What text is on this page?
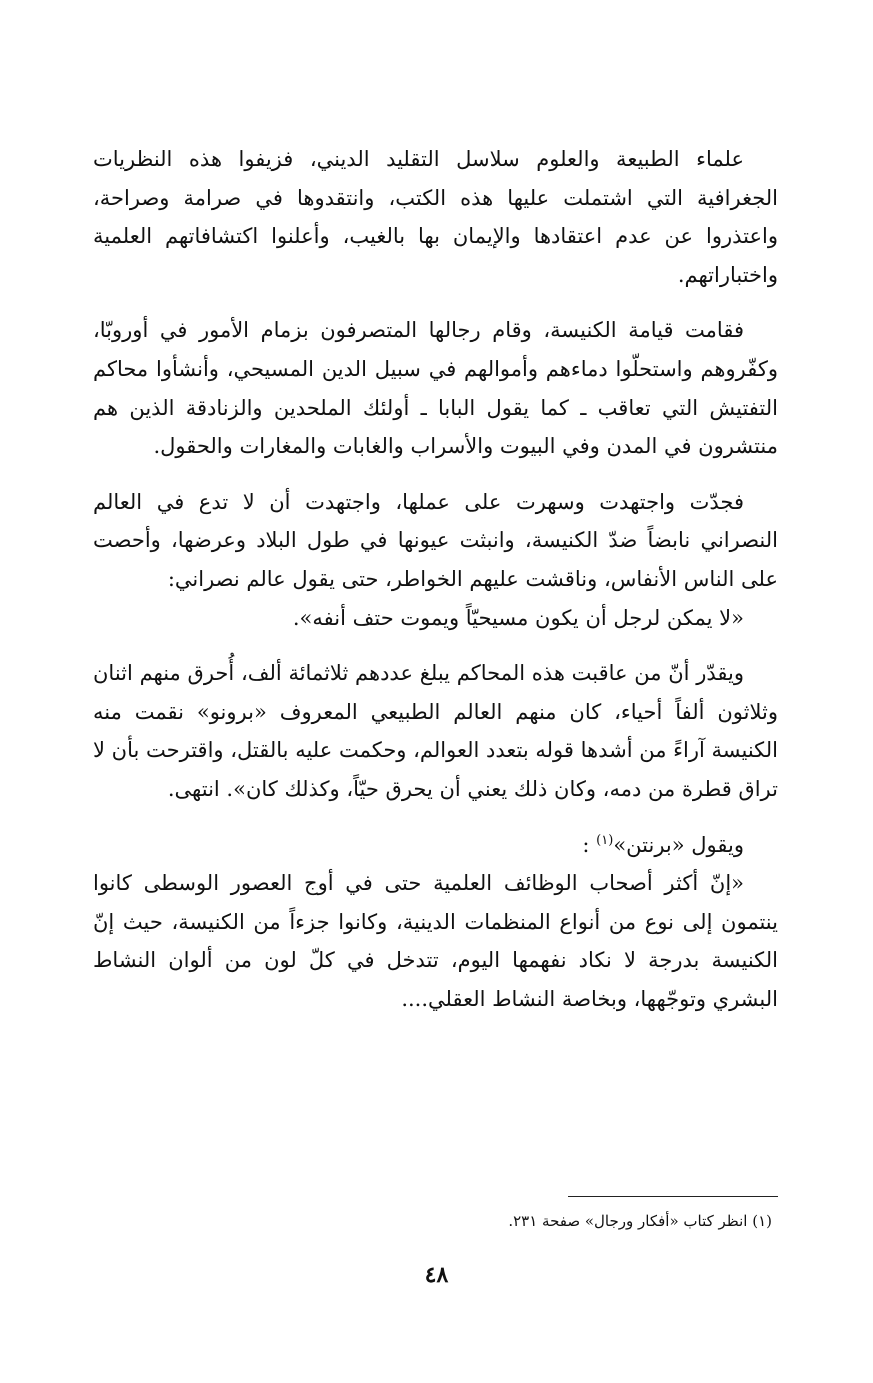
علماء الطبيعة والعلوم سلاسل التقليد الديني، فزيفوا هذه النظريات الجغرافية التي اشتملت عليها هذه الكتب، وانتقدوها في صرامة وصراحة، واعتذروا عن عدم اعتقادها والإيمان بها بالغيب، وأعلنوا اكتشافاتهم العلمية واختباراتهم.

فقامت قيامة الكنيسة، وقام رجالها المتصرفون بزمام الأمور في أوروبّا، وكفّروهم واستحلّوا دماءهم وأموالهم في سبيل الدين المسيحي، وأنشأوا محاكم التفتيش التي تعاقب ـ كما يقول البابا ـ أولئك الملحدين والزنادقة الذين هم منتشرون في المدن وفي البيوت والأسراب والغابات والمغارات والحقول.

فجدّت واجتهدت وسهرت على عملها، واجتهدت أن لا تدع في العالم النصراني نابضاً ضدّ الكنيسة، وانبثت عيونها في طول البلاد وعرضها، وأحصت على الناس الأنفاس، وناقشت عليهم الخواطر، حتى يقول عالم نصراني:

«لا يمكن لرجل أن يكون مسيحيّاً ويموت حتف أنفه».

ويقدّر أنّ من عاقبت هذه المحاكم يبلغ عددهم ثلاثمائة ألف، أُحرق منهم اثنان وثلاثون ألفاً أحياء، كان منهم العالم الطبيعي المعروف «برونو» نقمت منه الكنيسة آراءً من أشدها قوله بتعدد العوالم، وحكمت عليه بالقتل، واقترحت بأن لا تراق قطرة من دمه، وكان ذلك يعني أن يحرق حيّاً، وكذلك كان». انتهى.

ويقول «برنتن»$^{(١)}$ :

«إنّ أكثر أصحاب الوظائف العلمية حتى في أوج العصور الوسطى كانوا ينتمون إلى نوع من أنواع المنظمات الدينية، وكانوا جزءاً من الكنيسة، حيث إنّ الكنيسة بدرجة لا نكاد نفهمها اليوم، تتدخل في كلّ لون من ألوان النشاط البشري وتوجّهها، وبخاصة النشاط العقلي....

(١) انظر كتاب «أفكار ورجال» صفحة ٢٣١.

٤٨
